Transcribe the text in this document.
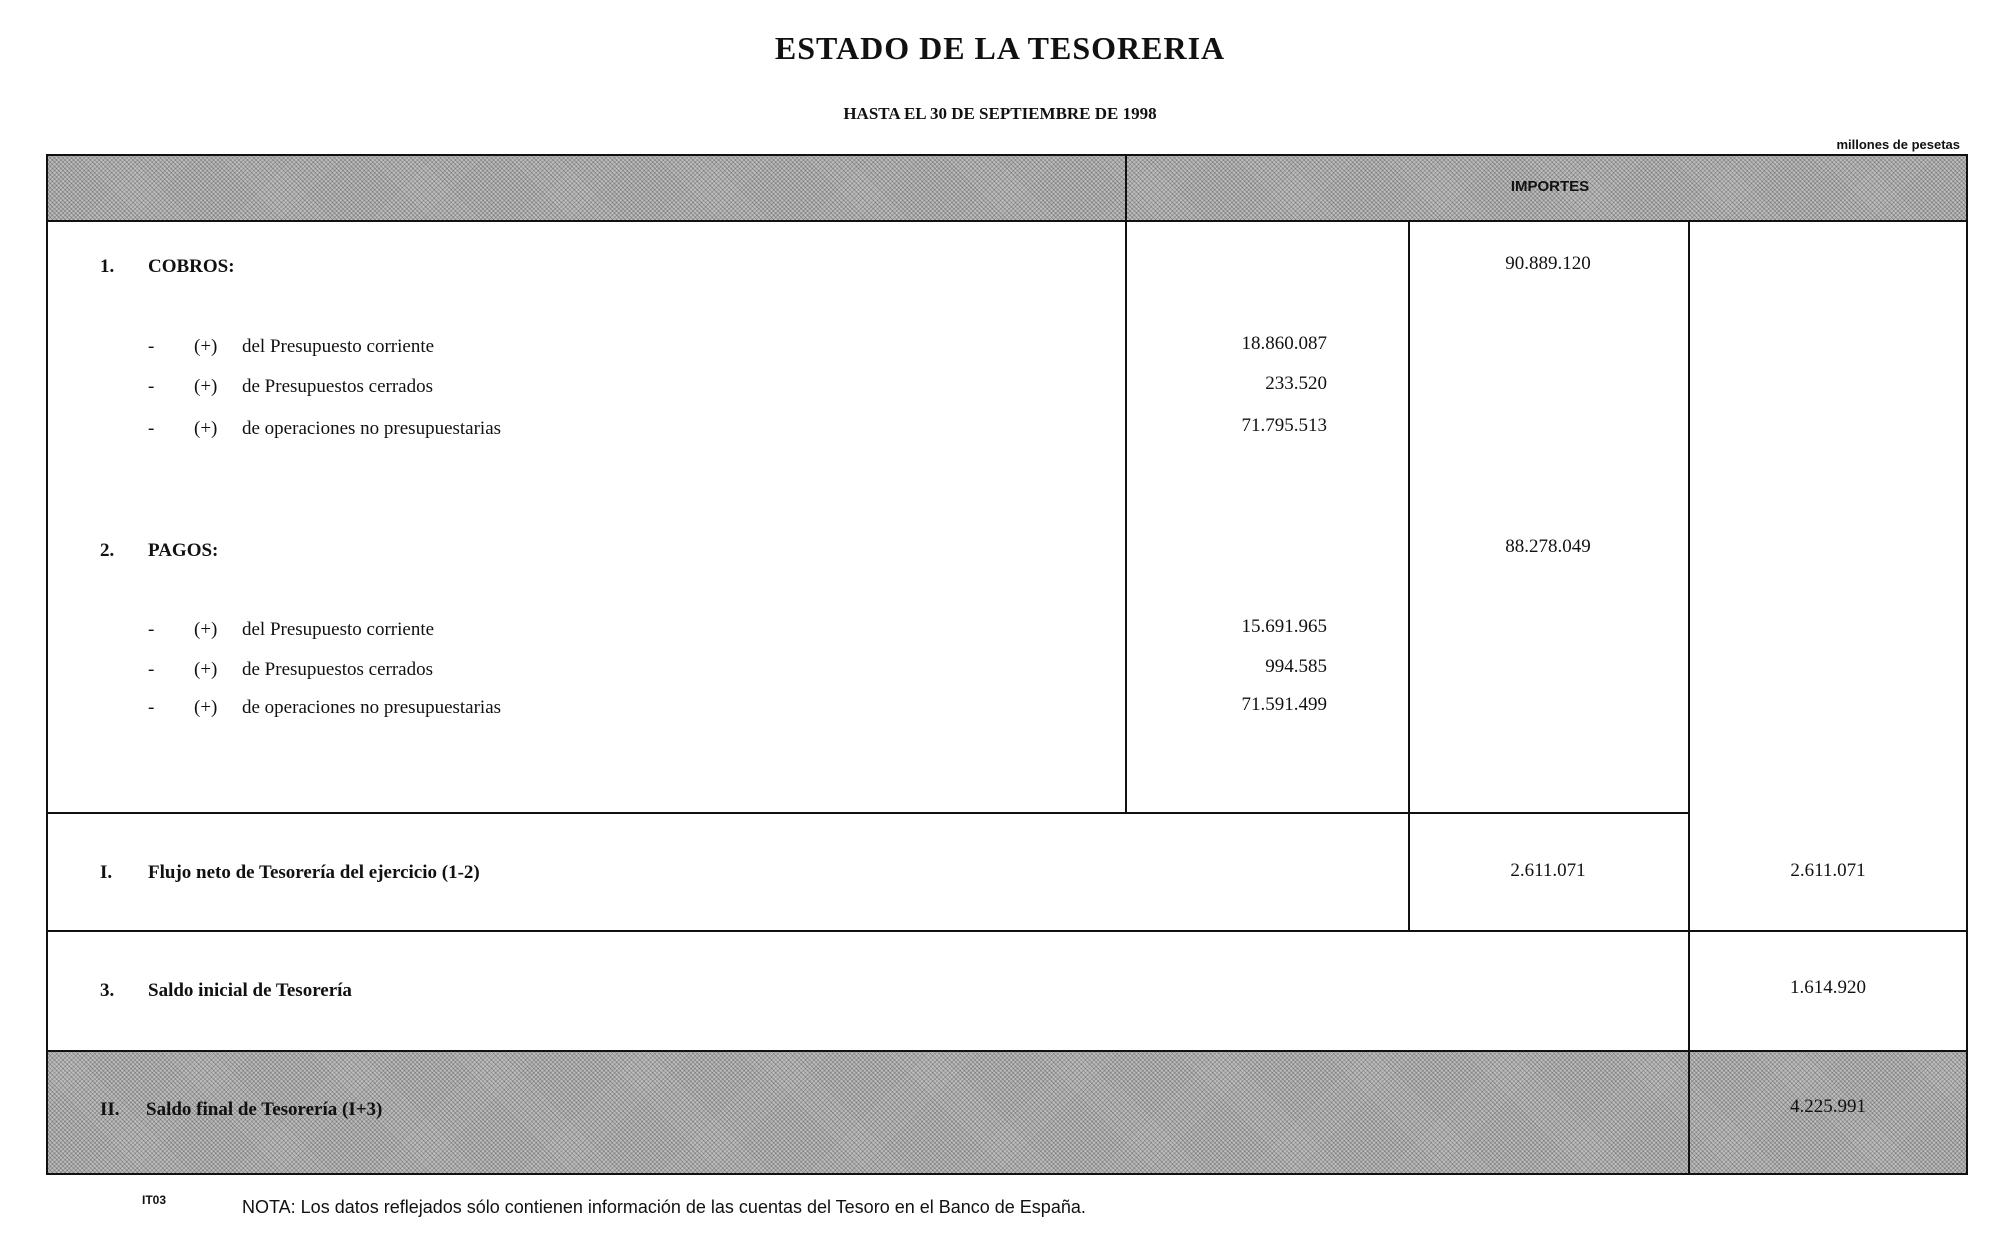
ESTADO DE LA TESORERIA
HASTA EL 30 DE SEPTIEMBRE DE 1998
millones de pesetas
IMPORTES
1. COBROS:	90.889.120
- (+) del Presupuesto corriente	18.860.087
- (+) de Presupuestos cerrados	233.520
- (+) de operaciones no presupuestarias	71.795.513
2. PAGOS:	88.278.049
- (+) del Presupuesto corriente	15.691.965
- (+) de Presupuestos cerrados	994.585
- (+) de operaciones no presupuestarias	71.591.499
I. Flujo neto de Tesorería del ejercicio (1-2)	2.611.071	2.611.071
3. Saldo inicial de Tesorería	1.614.920
II. Saldo final de Tesorería (I+3)	4.225.991
IT03	NOTA: Los datos reflejados sólo contienen información de las cuentas del Tesoro en el Banco de España.
